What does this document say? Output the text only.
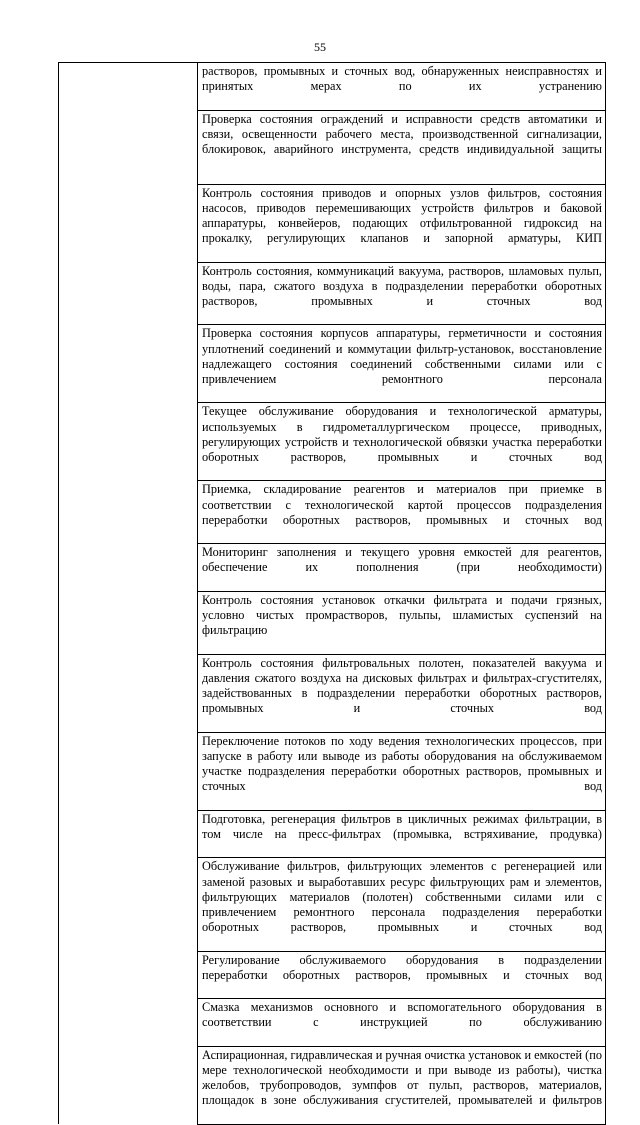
55

растворов, промывных и сточных вод, обнаруженных неисправностях и принятых мерах по их устранению

Проверка состояния ограждений и исправности средств автоматики и связи, освещенности рабочего места, производственной сигнализации, блокировок, аварийного инструмента, средств индивидуальной защиты

Контроль состояния приводов и опорных узлов фильтров, состояния насосов, приводов перемешивающих устройств фильтров и баковой аппаратуры, конвейеров, подающих отфильтрованной гидроксид на прокалку, регулирующих клапанов и запорной арматуры, КИП

Контроль состояния, коммуникаций вакуума, растворов, шламовых пульп, воды, пара, сжатого воздуха в подразделении переработки оборотных растворов, промывных и сточных вод

Проверка состояния корпусов аппаратуры, герметичности и состояния уплотнений соединений и коммутации фильтр-установок, восстановление надлежащего состояния соединений собственными силами или с привлечением ремонтного персонала

Текущее обслуживание оборудования и технологической арматуры, используемых в гидрометаллургическом процессе, приводных, регулирующих устройств и технологической обвязки участка переработки оборотных растворов, промывных и сточных вод

Приемка, складирование реагентов и материалов при приемке в соответствии с технологической картой процессов подразделения переработки оборотных растворов, промывных и сточных вод

Мониторинг заполнения и текущего уровня емкостей для реагентов, обеспечение их пополнения (при необходимости)

Контроль состояния установок откачки фильтрата и подачи грязных, условно чистых промрастворов, пульпы, шламистых суспензий на фильтрацию

Контроль состояния фильтровальных полотен, показателей вакуума и давления сжатого воздуха на дисковых фильтрах и фильтрах-сгустителях, задействованных в подразделении переработки оборотных растворов, промывных и сточных вод

Переключение потоков по ходу ведения технологических процессов, при запуске в работу или выводе из работы оборудования на обслуживаемом участке подразделения переработки оборотных растворов, промывных и сточных вод

Подготовка, регенерация фильтров в цикличных режимах фильтрации, в том числе на пресс-фильтрах (промывка, встряхивание, продувка)

Обслуживание фильтров, фильтрующих элементов с регенерацией или заменой разовых и выработавших ресурс фильтрующих рам и элементов, фильтрующих материалов (полотен) собственными силами или с привлечением ремонтного персонала подразделения переработки оборотных растворов, промывных и сточных вод

Регулирование обслуживаемого оборудования в подразделении переработки оборотных растворов, промывных и сточных вод

Смазка механизмов основного и вспомогательного оборудования в соответствии с инструкцией по обслуживанию

Аспирационная, гидравлическая и ручная очистка установок и емкостей (по мере технологической необходимости и при выводе из работы), чистка желобов, трубопроводов, зумпфов от пульп, растворов, материалов, площадок в зоне обслуживания сгустителей, промывателей и фильтров
